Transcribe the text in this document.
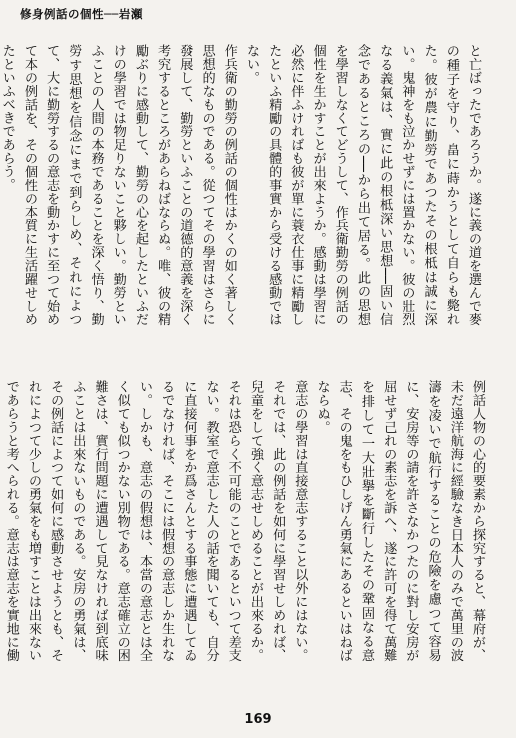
修身例話の個性──岩瀬

と亡ばったであろうか。遂に義の道を選んで麥の種子を守り、畠に蒔かうとして自らも斃れた。彼が農に勤勞であつたその根柢は誠に深い。鬼神をも泣かせずには置かない。彼の壯烈なる義氣は、實に此の根柢深い思想──固い信念であるところの──から出て居る。此の思想を學習しなくてどうして、作兵衛勤勞の例話の個性を生かすことが出來ようか。感動は學習に必然に伴ふければも彼が單に蓑衣仕事に精勵したといふ精勵の具體的事實から受ける感動ではない。

作兵衛の勤勞の例話の個性はかくの如く著しく思想的なものである。從つてその學習はさらに發展して、勤勞といふことの道德的意義を深く考究するところがあらねばならぬ。唯、彼の精勵ぶりに感動して、勤勞の心を起したといふだけの學習では物足りないこと夥しい。勤勞といふことの人間の本務であることを深く悟り、勤勞す思想を信念にまで到らしめ、それによつて、大に勤勞するの意志を動かすに至つて始めて本の例話を、その個性の本質に生活躍せしめたといふべきであらう。

例話人物の心的要素から探究すると、幕府が、未だ遠洋航海に經驗なき日本人のみで萬里の波濤を凌いで航行することの危險を慮つて容易に、安房等の請を許さなかつたのに對し安房が屈せず己れの素志を訴へ、遂に許可を得て萬難を排して一大壯擧を斷行したその鞏固なる意志、その鬼をもひしげん勇氣にあるといはねばならぬ。

意志の學習は直接意志すること以外にはない。それでは、此の例話を如何に學習せしめれば、兒童をして強く意志せしめることが出來るか。それは恐らく不可能のことであるといつて差支ない。教室で意志した人の話を聞いても、自分に直接何事をか爲さんとする事態に遭遇してゐるでなければ、そこには假想の意志しか生れない。しかも、意志の假想は、本當の意志とは全く似ても似つかない別物である。意志確立の困難さは、實行問題に遭遇して見なければ到底味ふことは出來ないものである。安房の勇氣は、その例話によつて如何に感動させようとも、それによつて少しの勇氣をも増すことは出來ないであらうと考へられる。意志は意志を實地に働

169
